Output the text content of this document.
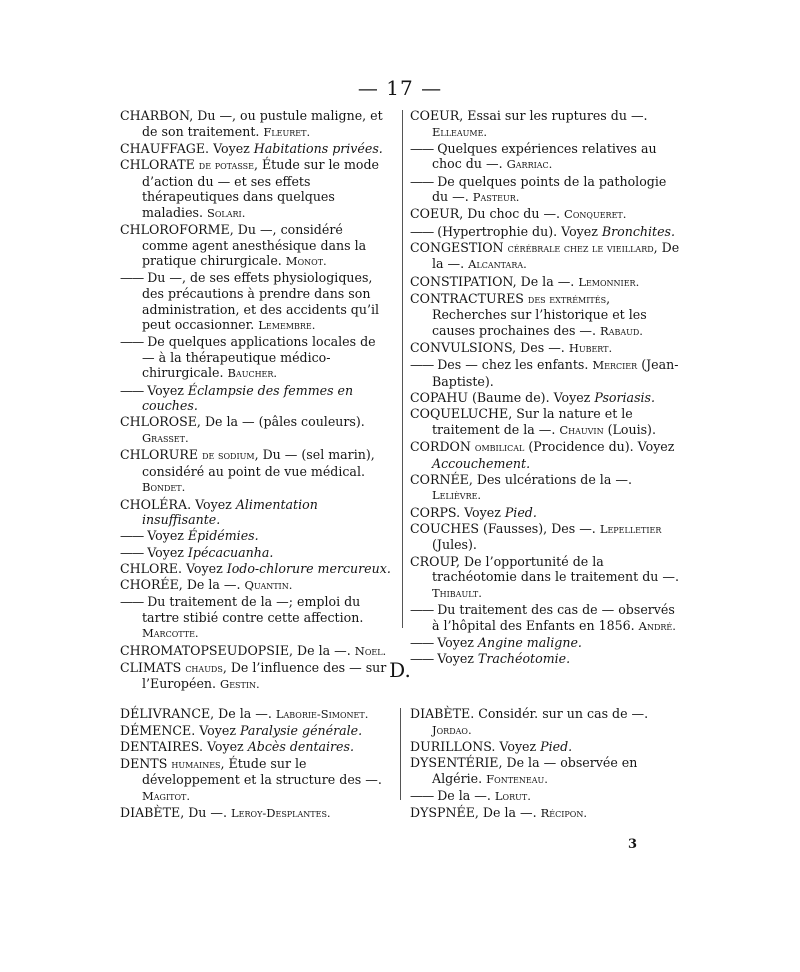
— 17 —
CHARBON, Du —, ou pustule maligne, et de son traitement. Fleuret.
CHAUFFAGE. Voyez Habitations privées.
CHLORATE de potasse, Étude sur le mode d’action du — et ses effets thérapeutiques dans quelques maladies. Solari.
CHLOROFORME, Du —, considéré comme agent anesthésique dans la pratique chirurgicale. Monot.
—— Du —, de ses effets physiologiques, des précautions à prendre dans son administration, et des accidents qu’il peut occasionner. Lemembre.
—— De quelques applications locales de — à la thérapeutique médico-chirurgicale. Baucher.
—— Voyez Éclampsie des femmes en couches.
CHLOROSE, De la — (pâles couleurs). Grasset.
CHLORURE de sodium, Du — (sel marin), considéré au point de vue médical. Bondet.
CHOLÉRA. Voyez Alimentation insuffisante.
—— Voyez Épidémies.
—— Voyez Ipécacuanha.
CHLORE. Voyez Iodo-chlorure mercureux.
CHORÉE, De la —. Quantin.
—— Du traitement de la —; emploi du tartre stibié contre cette affection. Marcotte.
CHROMATOPSEUDOPSIE, De la —. Noel.
CLIMATS chauds, De l’influence des — sur l’Européen. Gestin.
COEUR, Essai sur les ruptures du —. Elleaume.
—— Quelques expériences relatives au choc du —. Garriac.
—— De quelques points de la pathologie du —. Pasteur.
COEUR, Du choc du —. Conqueret.
—— (Hypertrophie du). Voyez Bronchites.
CONGESTION cérébrale chez le vieillard, De la —. Alcantara.
CONSTIPATION, De la —. Lemonnier.
CONTRACTURES des extrémités, Recherches sur l’historique et les causes prochaines des —. Rabaud.
CONVULSIONS, Des —. Hubert.
—— Des — chez les enfants. Mercier (Jean-Baptiste).
COPAHU (Baume de). Voyez Psoriasis.
COQUELUCHE, Sur la nature et le traitement de la —. Chauvin (Louis).
CORDON ombilical (Procidence du). Voyez Accouchement.
CORNÉE, Des ulcérations de la —. Lelièvre.
CORPS. Voyez Pied.
COUCHES (Fausses), Des —. Lepelletier (Jules).
CROUP, De l’opportunité de la trachéotomie dans le traitement du —. Thibault.
—— Du traitement des cas de — observés à l’hôpital des Enfants en 1856. André.
—— Voyez Angine maligne.
—— Voyez Trachéotomie.
D.
DÉLIVRANCE, De la —. Laborie-Simonet.
DÉMENCE. Voyez Paralysie générale.
DENTAIRES. Voyez Abcès dentaires.
DENTS humaines, Étude sur le développement et la structure des —. Magitot.
DIABÈTE, Du —. Leroy-Desplantes.
DIABÈTE. Considér. sur un cas de —. Jordao.
DURILLONS. Voyez Pied.
DYSENTÉRIE, De la — observée en Algérie. Fonteneau.
—— De la —. Lorut.
DYSPNÉE, De la —. Récipon.
3
